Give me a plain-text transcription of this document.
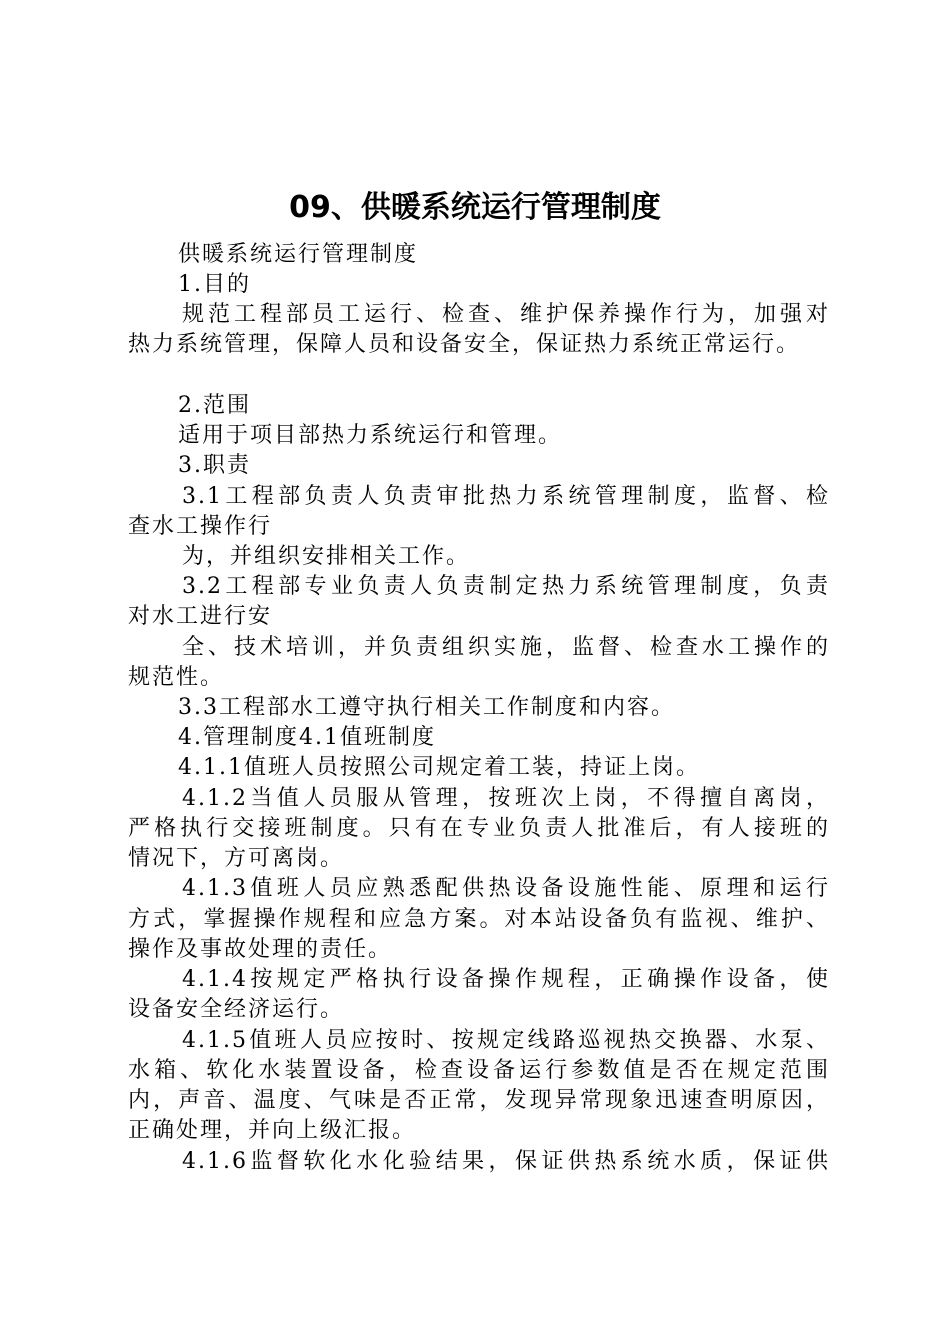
09、供暖系统运行管理制度
供暖系统运行管理制度
1.目的
规范工程部员工运行、检查、维护保养操作行为，加强对
热力系统管理，保障人员和设备安全，保证热力系统正常运行。
2.范围
适用于项目部热力系统运行和管理。
3.职责
3.1工程部负责人负责审批热力系统管理制度，监督、检
查水工操作行
为，并组织安排相关工作。
3.2工程部专业负责人负责制定热力系统管理制度，负责
对水工进行安
全、技术培训，并负责组织实施，监督、检查水工操作的
规范性。
3.3工程部水工遵守执行相关工作制度和内容。
4.管理制度4.1值班制度
4.1.1值班人员按照公司规定着工装，持证上岗。
4.1.2当值人员服从管理，按班次上岗，不得擅自离岗，
严格执行交接班制度。只有在专业负责人批准后，有人接班的
情况下，方可离岗。
4.1.3值班人员应熟悉配供热设备设施性能、原理和运行
方式，掌握操作规程和应急方案。对本站设备负有监视、维护、
操作及事故处理的责任。
4.1.4按规定严格执行设备操作规程，正确操作设备，使
设备安全经济运行。
4.1.5值班人员应按时、按规定线路巡视热交换器、水泵、
水箱、软化水装置设备，检查设备运行参数值是否在规定范围
内，声音、温度、气味是否正常，发现异常现象迅速查明原因，
正确处理，并向上级汇报。
4.1.6监督软化水化验结果，保证供热系统水质，保证供
